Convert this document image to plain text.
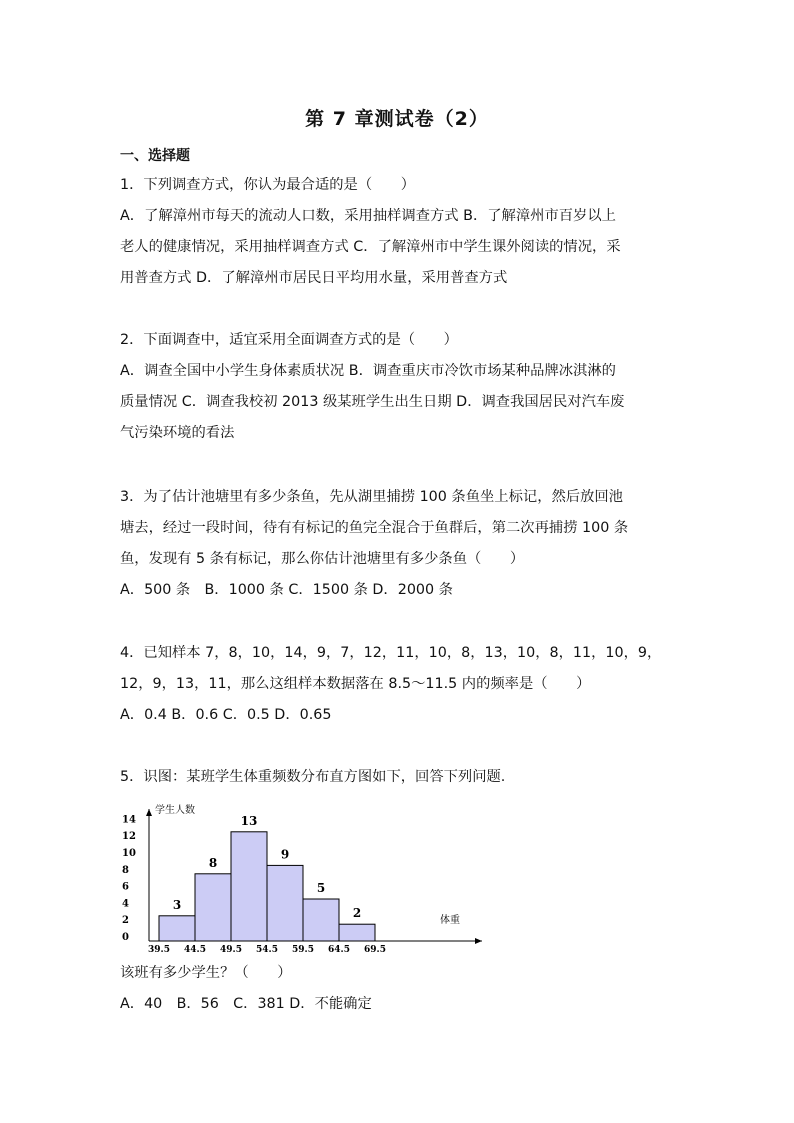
第 7 章测试卷（2）
一、选择题

1．下列调查方式，你认为最合适的是（　　）

A．了解漳州市每天的流动人口数，采用抽样调查方式 B．了解漳州市百岁以上

老人的健康情况，采用抽样调查方式 C．了解漳州市中学生课外阅读的情况，采

用普查方式 D．了解漳州市居民日平均用水量，采用普查方式

2．下面调查中，适宜采用全面调查方式的是（　　）

A．调查全国中小学生身体素质状况 B．调查重庆市冷饮市场某种品牌冰淇淋的

质量情况 C．调查我校初 2013 级某班学生出生日期 D．调查我国居民对汽车废

气污染环境的看法

3．为了估计池塘里有多少条鱼，先从湖里捕捞 100 条鱼坐上标记，然后放回池

塘去，经过一段时间，待有有标记的鱼完全混合于鱼群后，第二次再捕捞 100 条

鱼，发现有 5 条有标记，那么你估计池塘里有多少条鱼（　　）

A．500 条　B．1000 条 C．1500 条 D．2000 条

4．已知样本 7，8，10，14，9，7，12，11，10，8，13，10，8，11，10，9，

12，9，13，11，那么这组样本数据落在 8.5～11.5 内的频率是（　　）

A．0.4 B．0.6 C．0.5 D．0.65

5．识图：某班学生体重频数分布直方图如下，回答下列问题.

学生人数
体重
0
2
4
6
8
10
12
14
3
8
13
9
5
2
39.5 44.5 49.5 54.5 59.5 64.5 69.5

该班有多少学生？（　　）

A．40　B．56　C．381 D．不能确定
